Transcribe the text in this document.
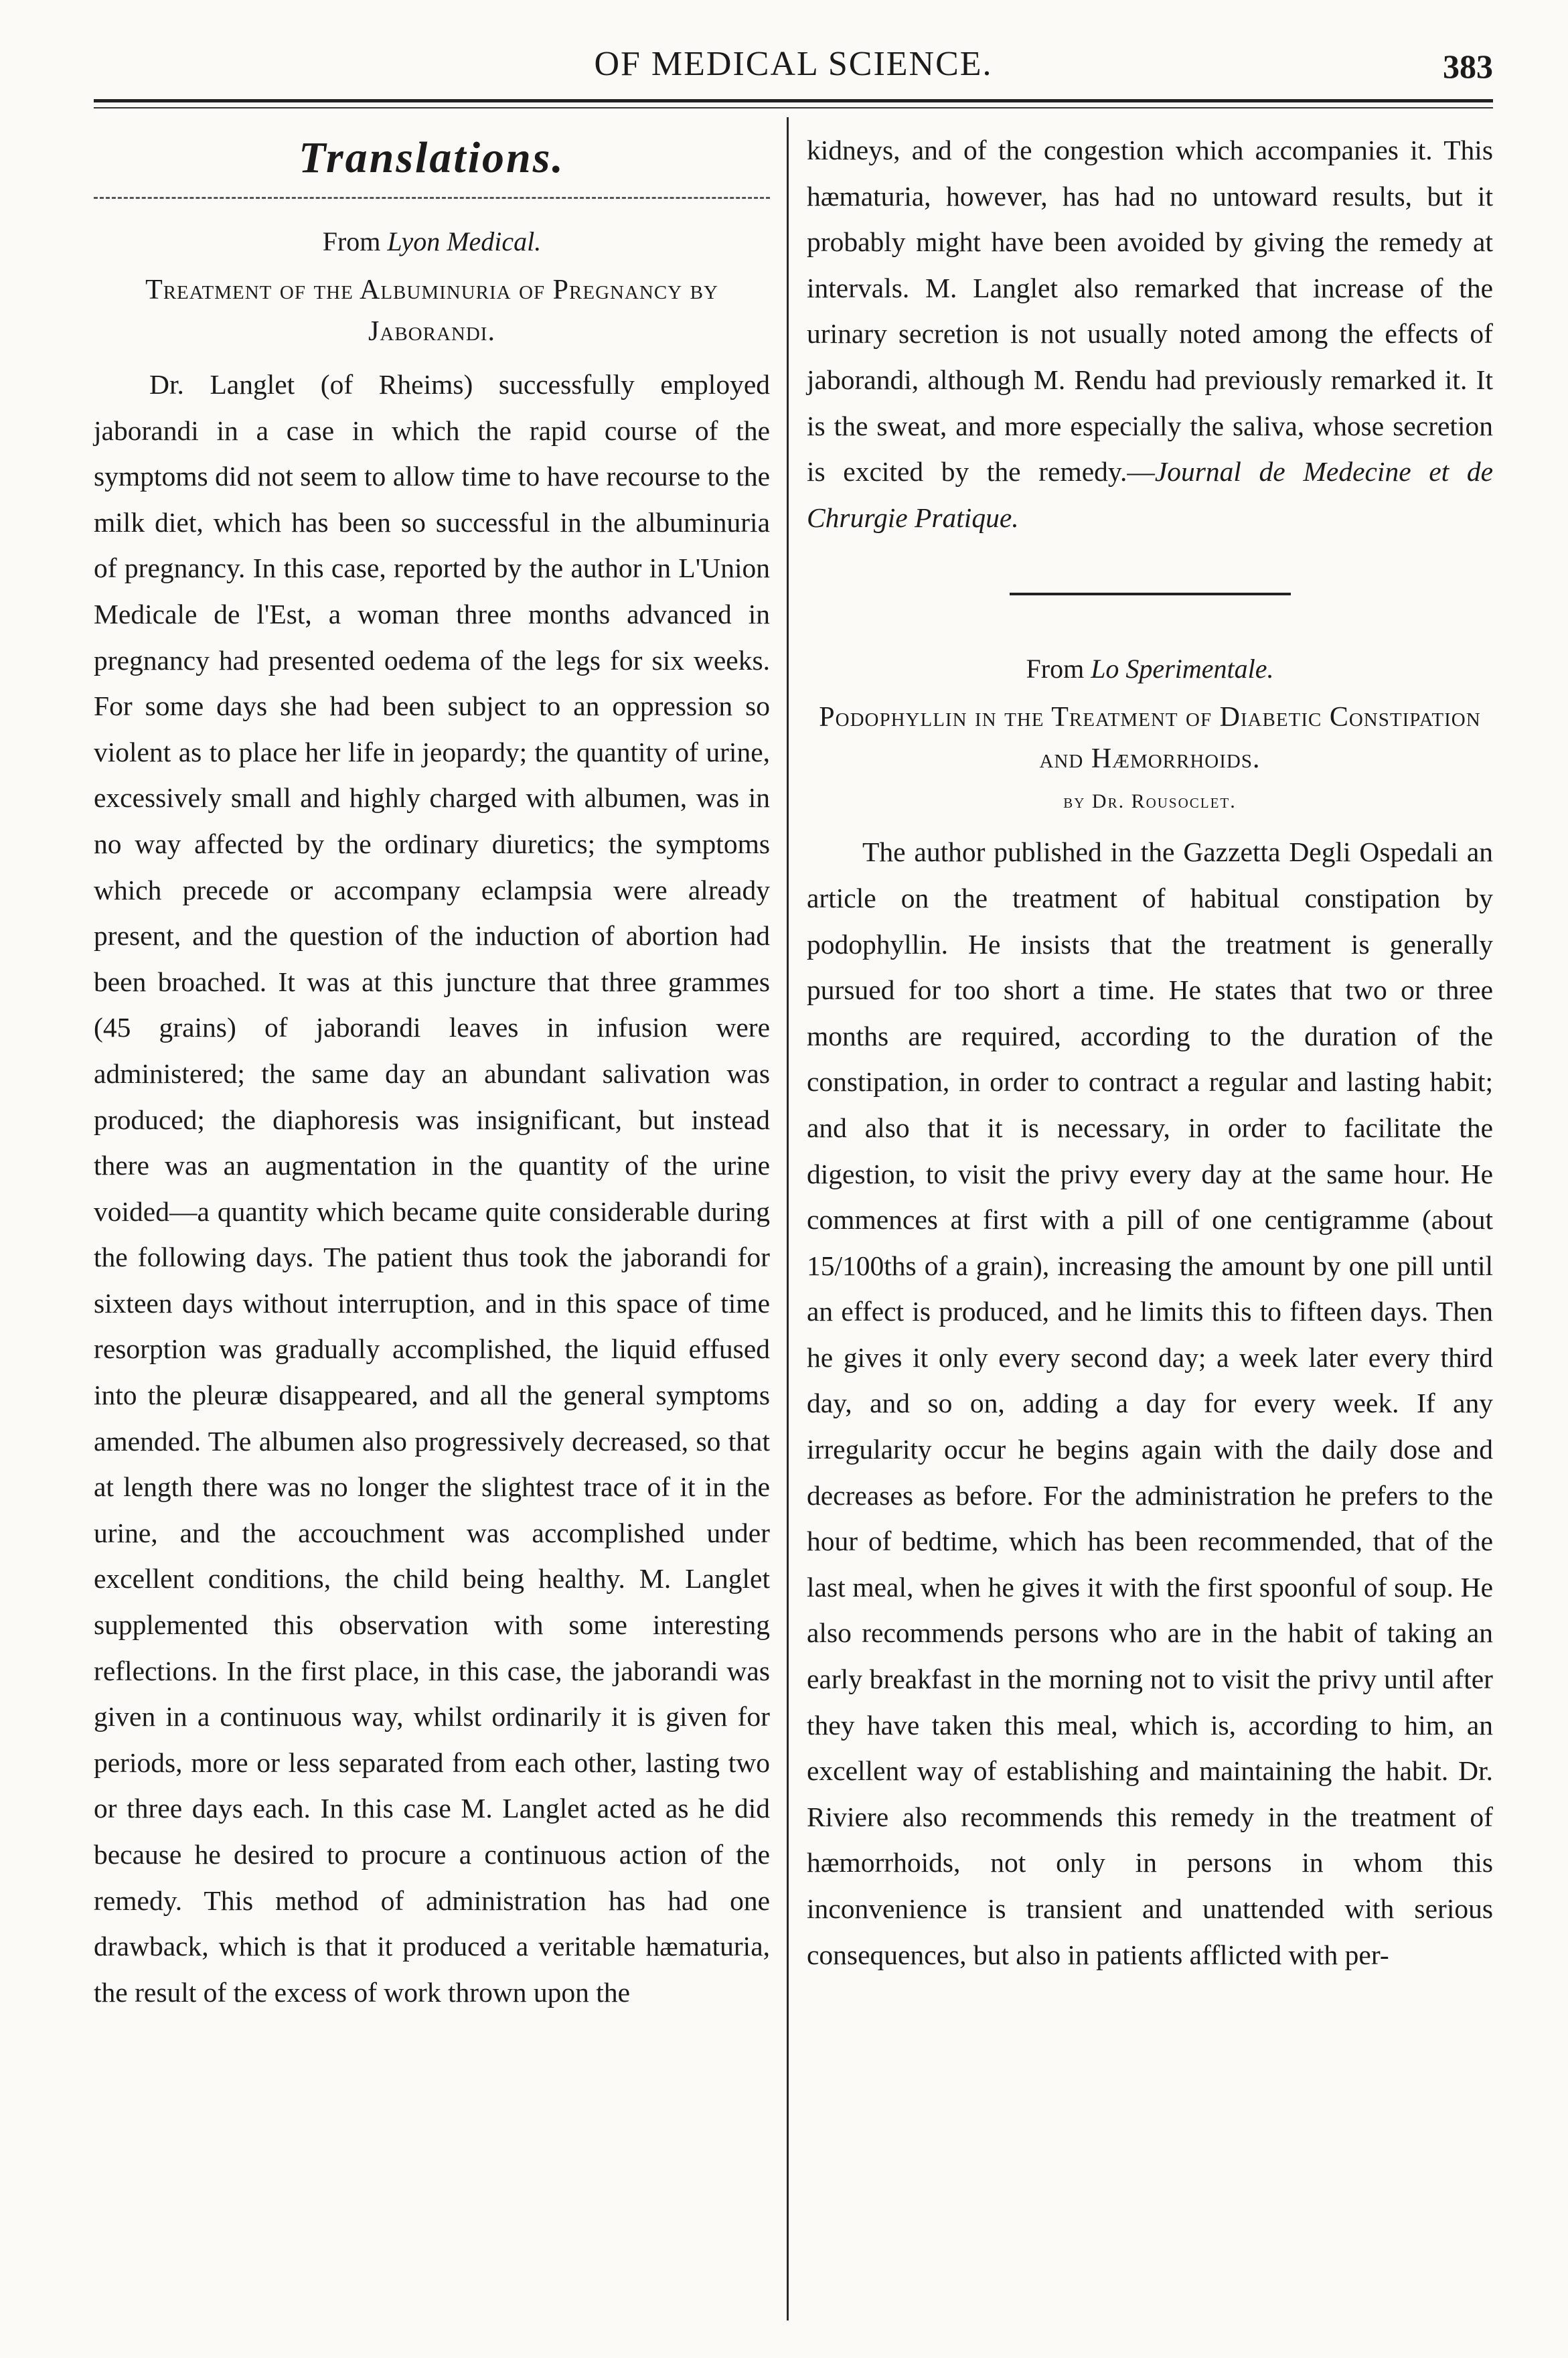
OF MEDICAL SCIENCE.	383
Translations.
From Lyon Medical.
Treatment of the Albuminuria of Pregnancy by Jaborandi.

Dr. Langlet (of Rheims) successfully employed jaborandi in a case in which the rapid course of the symptoms did not seem to allow time to have recourse to the milk diet, which has been so successful in the albuminuria of pregnancy. In this case, reported by the author in L'Union Medicale de l'Est, a woman three months advanced in pregnancy had presented oedema of the legs for six weeks. For some days she had been subject to an oppression so violent as to place her life in jeopardy; the quantity of urine, excessively small and highly charged with albumen, was in no way affected by the ordinary diuretics; the symptoms which precede or accompany eclampsia were already present, and the question of the induction of abortion had been broached. It was at this juncture that three grammes (45 grains) of jaborandi leaves in infusion were administered; the same day an abundant salivation was produced; the diaphoresis was insignificant, but instead there was an augmentation in the quantity of the urine voided—a quantity which became quite considerable during the following days. The patient thus took the jaborandi for sixteen days without interruption, and in this space of time resorption was gradually accomplished, the liquid effused into the pleuræ disappeared, and all the general symptoms amended. The albumen also progressively decreased, so that at length there was no longer the slightest trace of it in the urine, and the accouchment was accomplished under excellent conditions, the child being healthy. M. Langlet supplemented this observation with some interesting reflections. In the first place, in this case, the jaborandi was given in a continuous way, whilst ordinarily it is given for periods, more or less separated from each other, lasting two or three days each. In this case M. Langlet acted as he did because he desired to procure a continuous action of the remedy. This method of administration has had one drawback, which is that it produced a veritable hæmaturia, the result of the excess of work thrown upon the

kidneys, and of the congestion which accompanies it. This hæmaturia, however, has had no untoward results, but it probably might have been avoided by giving the remedy at intervals. M. Langlet also remarked that increase of the urinary secretion is not usually noted among the effects of jaborandi, although M. Rendu had previously remarked it. It is the sweat, and more especially the saliva, whose secretion is excited by the remedy.—Journal de Medecine et de Chrurgie Pratique.

From Lo Sperimentale.
Podophyllin in the Treatment of Diabetic Constipation and Hæmorrhoids.
by Dr. Rousoclet.

The author published in the Gazzetta Degli Ospedali an article on the treatment of habitual constipation by podophyllin. He insists that the treatment is generally pursued for too short a time. He states that two or three months are required, according to the duration of the constipation, in order to contract a regular and lasting habit; and also that it is necessary, in order to facilitate the digestion, to visit the privy every day at the same hour. He commences at first with a pill of one centigramme (about 15/100ths of a grain), increasing the amount by one pill until an effect is produced, and he limits this to fifteen days. Then he gives it only every second day; a week later every third day, and so on, adding a day for every week. If any irregularity occur he begins again with the daily dose and decreases as before. For the administration he prefers to the hour of bedtime, which has been recommended, that of the last meal, when he gives it with the first spoonful of soup. He also recommends persons who are in the habit of taking an early breakfast in the morning not to visit the privy until after they have taken this meal, which is, according to him, an excellent way of establishing and maintaining the habit. Dr. Riviere also recommends this remedy in the treatment of hæmorrhoids, not only in persons in whom this inconvenience is transient and unattended with serious consequences, but also in patients afflicted with per-
